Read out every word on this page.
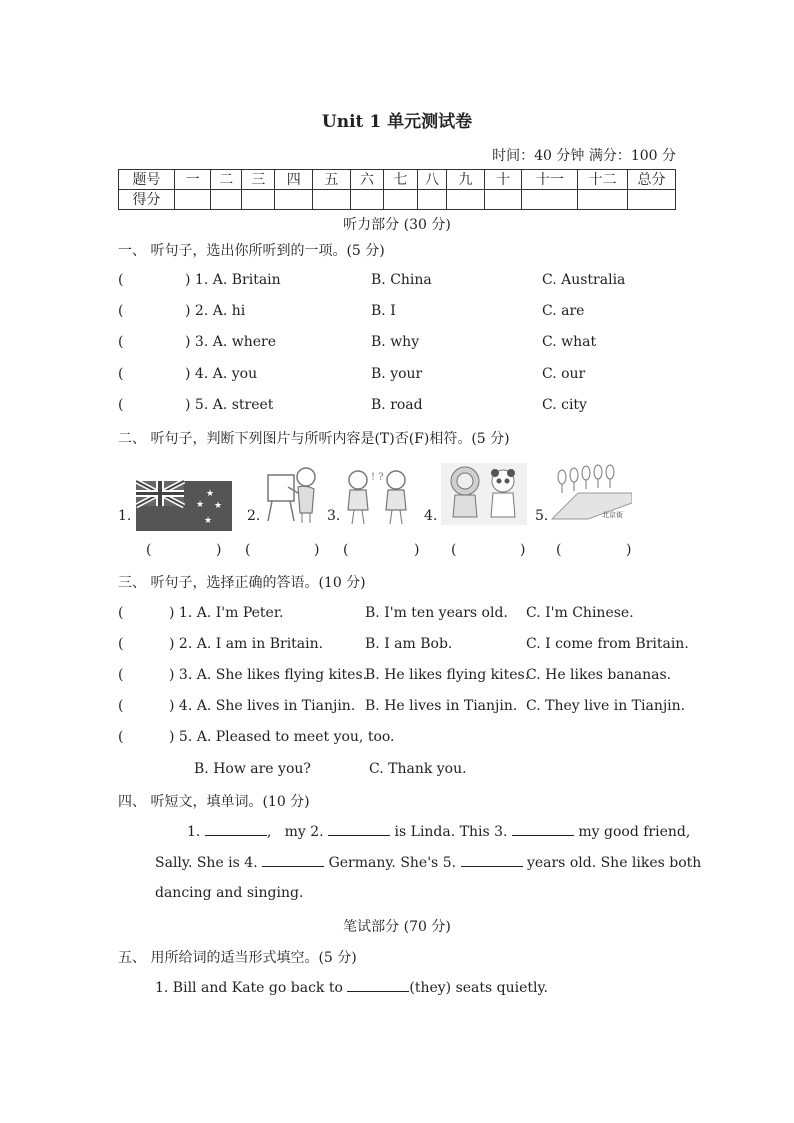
Unit 1 单元测试卷
时间：40 分钟 满分：100 分
题号	一	二	三	四	五	六	七	八	九	十	十一	十二	总分
得分													
听力部分 (30 分)
一、 听句子，选出你所听到的一项。(5 分)
(	) 1. A. Britain	B. China	C. Australia
(	) 2. A. hi	B. I	C. are
(	) 3. A. where	B. why	C. what
(	) 4. A. you	B. your	C. our
(	) 5. A. street	B. road	C. city
二、 听句子，判断下列图片与所听内容是(T)否(F)相符。(5 分)
1.
★
★ ★
★ 2.	3.
! ?
4.	5.	北京街
(	) (	) (	) (	) (	)
三、 听句子，选择正确的答语。(10 分)
(	) 1. A. I'm Peter.	B. I'm ten years old. C. I'm Chinese.
(	) 2. A. I am in Britain.	B. I am Bob.	C. I come from Britain.
(	) 3. A. She likes flying kites.
B. He likes flying kites.
C. He likes bananas.
(	) 4. A. She lives in Tianjin. B. He lives in Tianjin. C. They live in Tianjin.
(	) 5. A. Pleased to meet you, too.
B. How are you?	C. Thank you.
四、 听短文，填单词。(10 分)
1.	, my 2.	is Linda. This 3.	my good friend,
Sally. She is 4.	Germany. She's 5.	years old. She likes both
dancing and singing.
笔试部分 (70 分)
五、 用所给词的适当形式填空。(5 分)
1. Bill and Kate go back to	(they) seats quietly.
